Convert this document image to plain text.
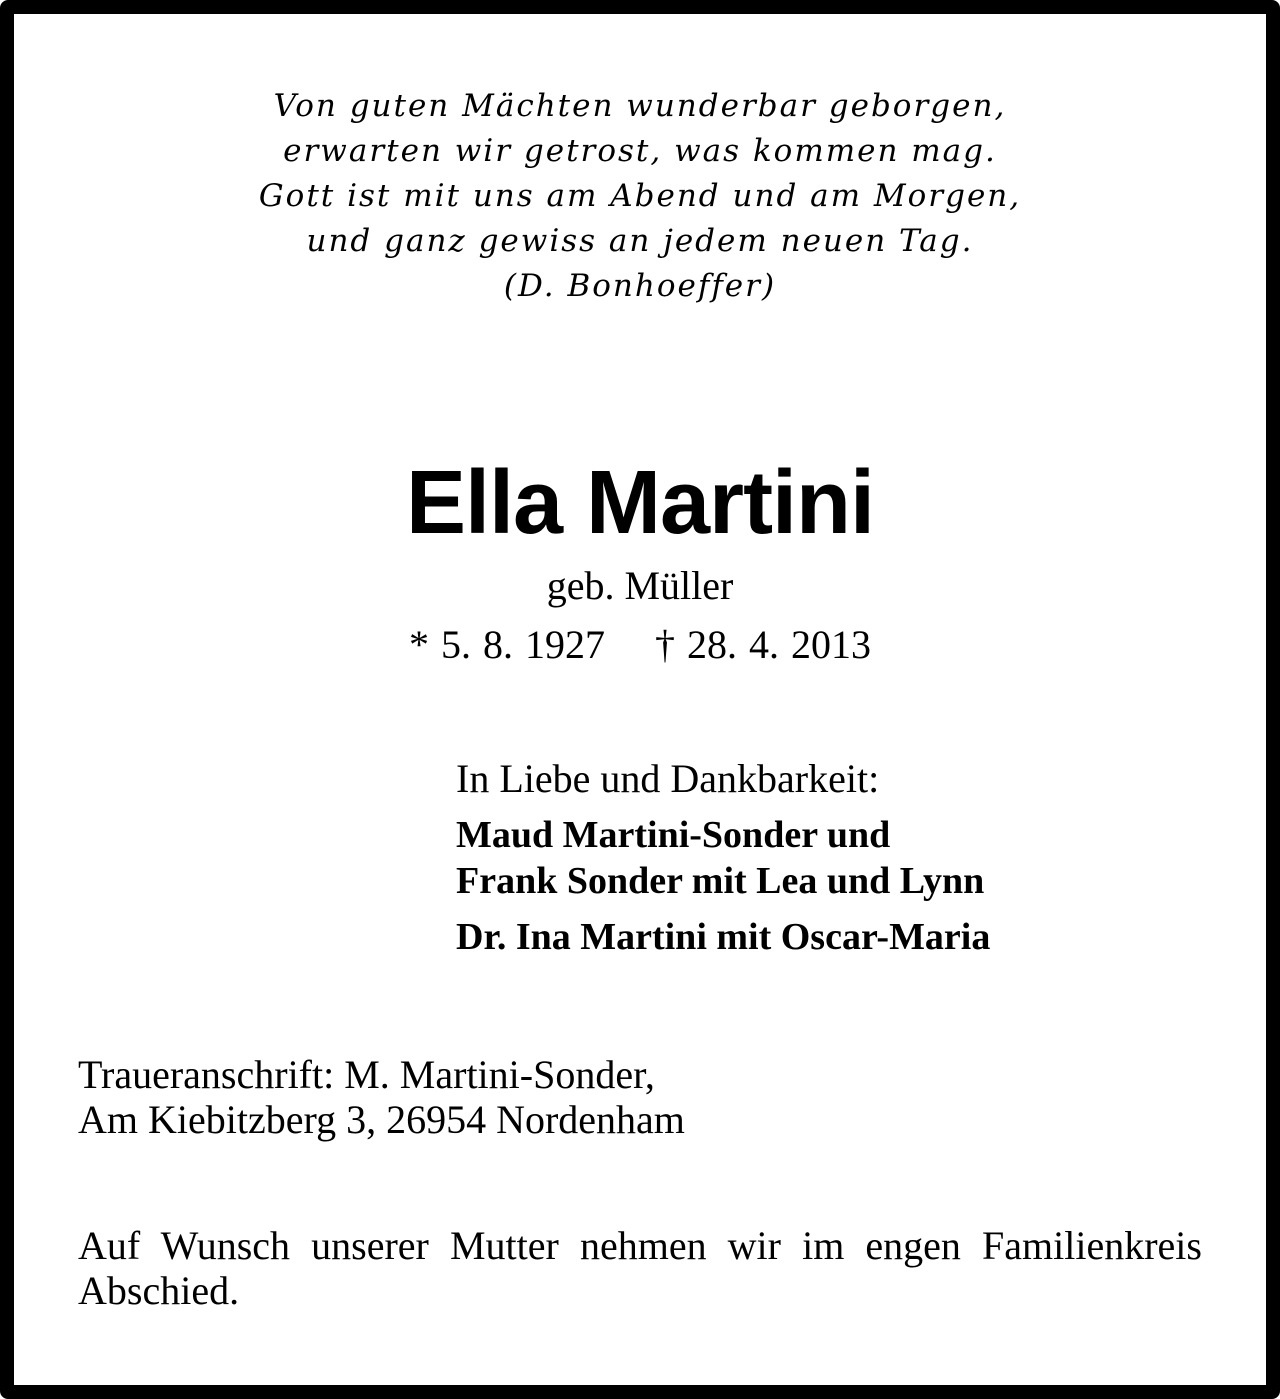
Von guten Mächten wunderbar geborgen,
erwarten wir getrost, was kommen mag.
Gott ist mit uns am Abend und am Morgen,
und ganz gewiss an jedem neuen Tag.
(D. Bonhoeffer)
Ella Martini
geb. Müller
* 5. 8. 1927 † 28. 4. 2013
In Liebe und Dankbarkeit:
Maud Martini-Sonder und
Frank Sonder mit Lea und Lynn
Dr. Ina Martini mit Oscar-Maria
Traueranschrift: M. Martini-Sonder,
Am Kiebitzberg 3, 26954 Nordenham
Auf Wunsch unserer Mutter nehmen wir im engen Familienkreis Abschied.
